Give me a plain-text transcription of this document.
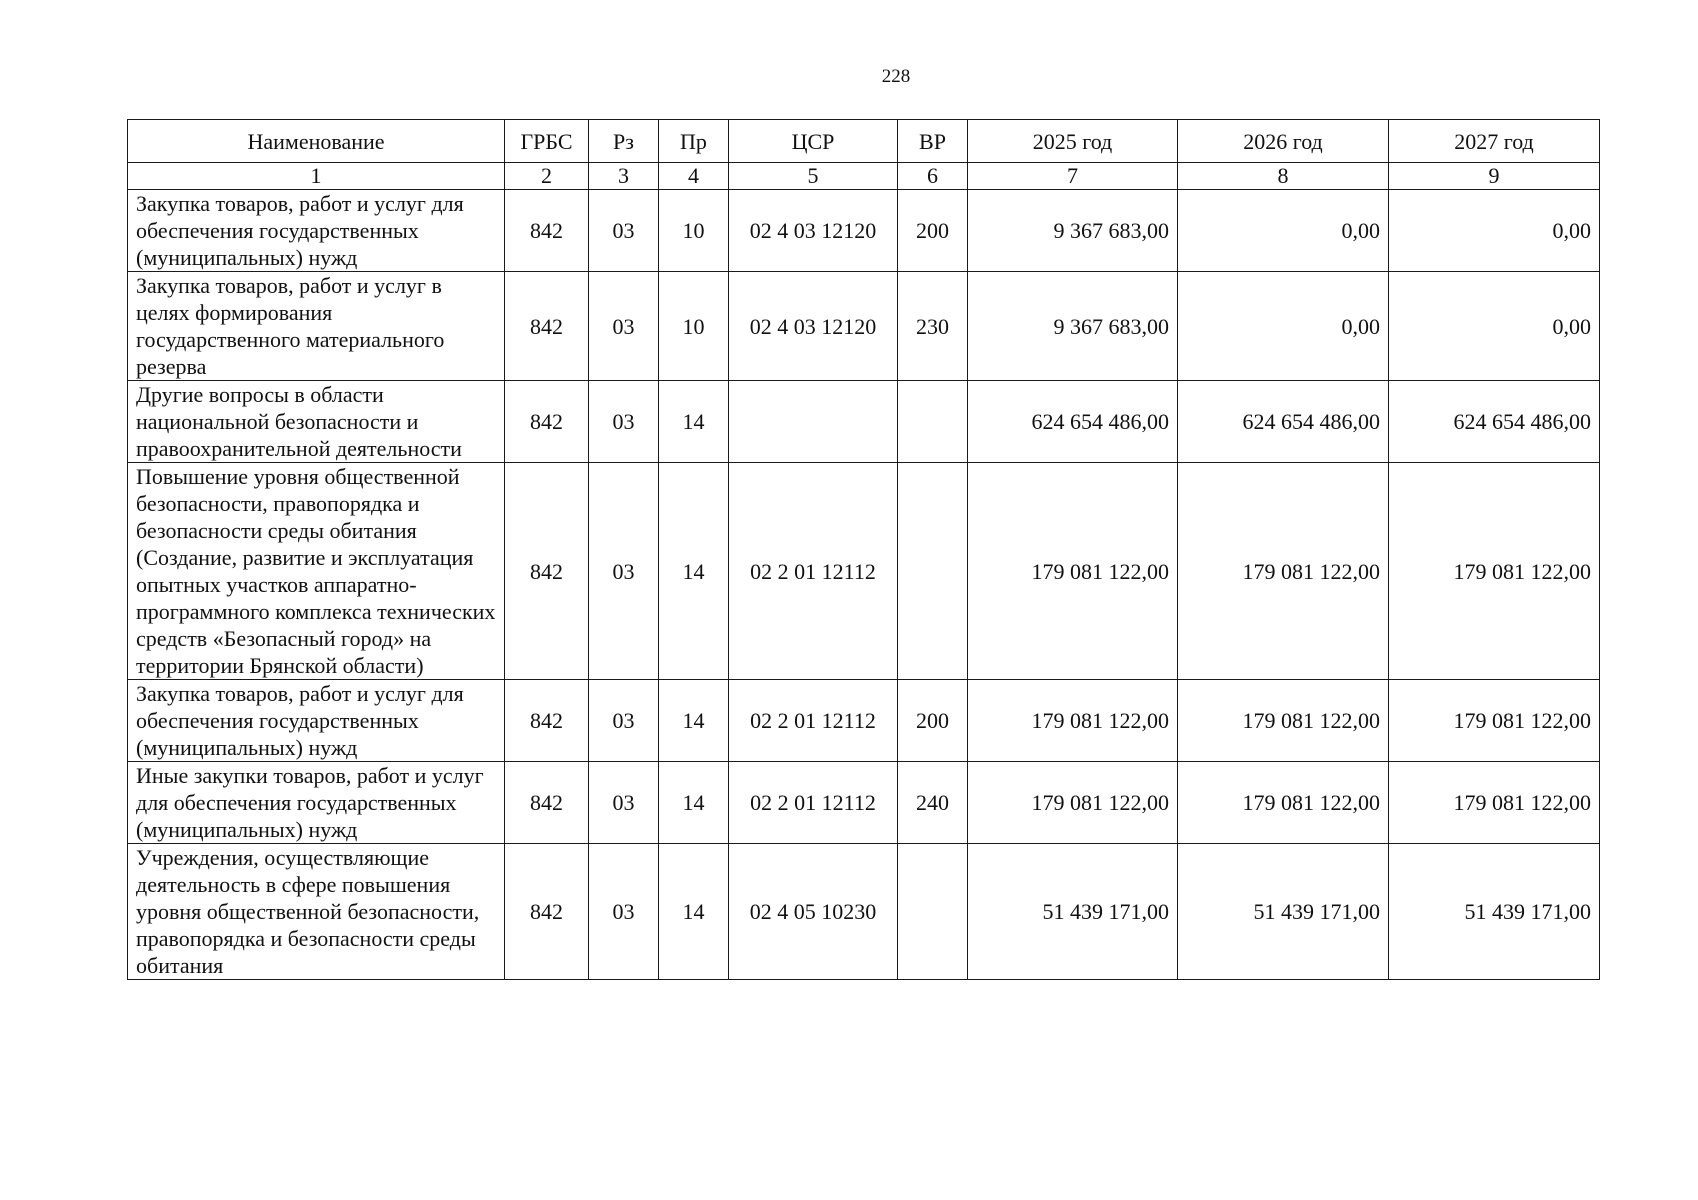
228
Наименование	ГРБС	Рз	Пр	ЦСР	ВР	2025 год	2026 год	2027 год
1	2	3	4	5	6	7	8	9
Закупка товаров, работ и услуг для обеспечения государственных (муниципальных) нужд	842	03	10	02 4 03 12120	200	9 367 683,00	0,00	0,00
Закупка товаров, работ и услуг в целях формирования государственного материального резерва	842	03	10	02 4 03 12120	230	9 367 683,00	0,00	0,00
Другие вопросы в области национальной безопасности и правоохранительной деятельности	842	03	14			624 654 486,00	624 654 486,00	624 654 486,00
Повышение уровня общественной безопасности, правопорядка и безопасности среды обитания (Создание, развитие и эксплуатация опытных участков аппаратно-программного комплекса технических средств «Безопасный город» на территории Брянской области)	842	03	14	02 2 01 12112		179 081 122,00	179 081 122,00	179 081 122,00
Закупка товаров, работ и услуг для обеспечения государственных (муниципальных) нужд	842	03	14	02 2 01 12112	200	179 081 122,00	179 081 122,00	179 081 122,00
Иные закупки товаров, работ и услуг для обеспечения государственных (муниципальных) нужд	842	03	14	02 2 01 12112	240	179 081 122,00	179 081 122,00	179 081 122,00
Учреждения, осуществляющие деятельность в сфере повышения уровня общественной безопасности, правопорядка и безопасности среды обитания	842	03	14	02 4 05 10230		51 439 171,00	51 439 171,00	51 439 171,00
